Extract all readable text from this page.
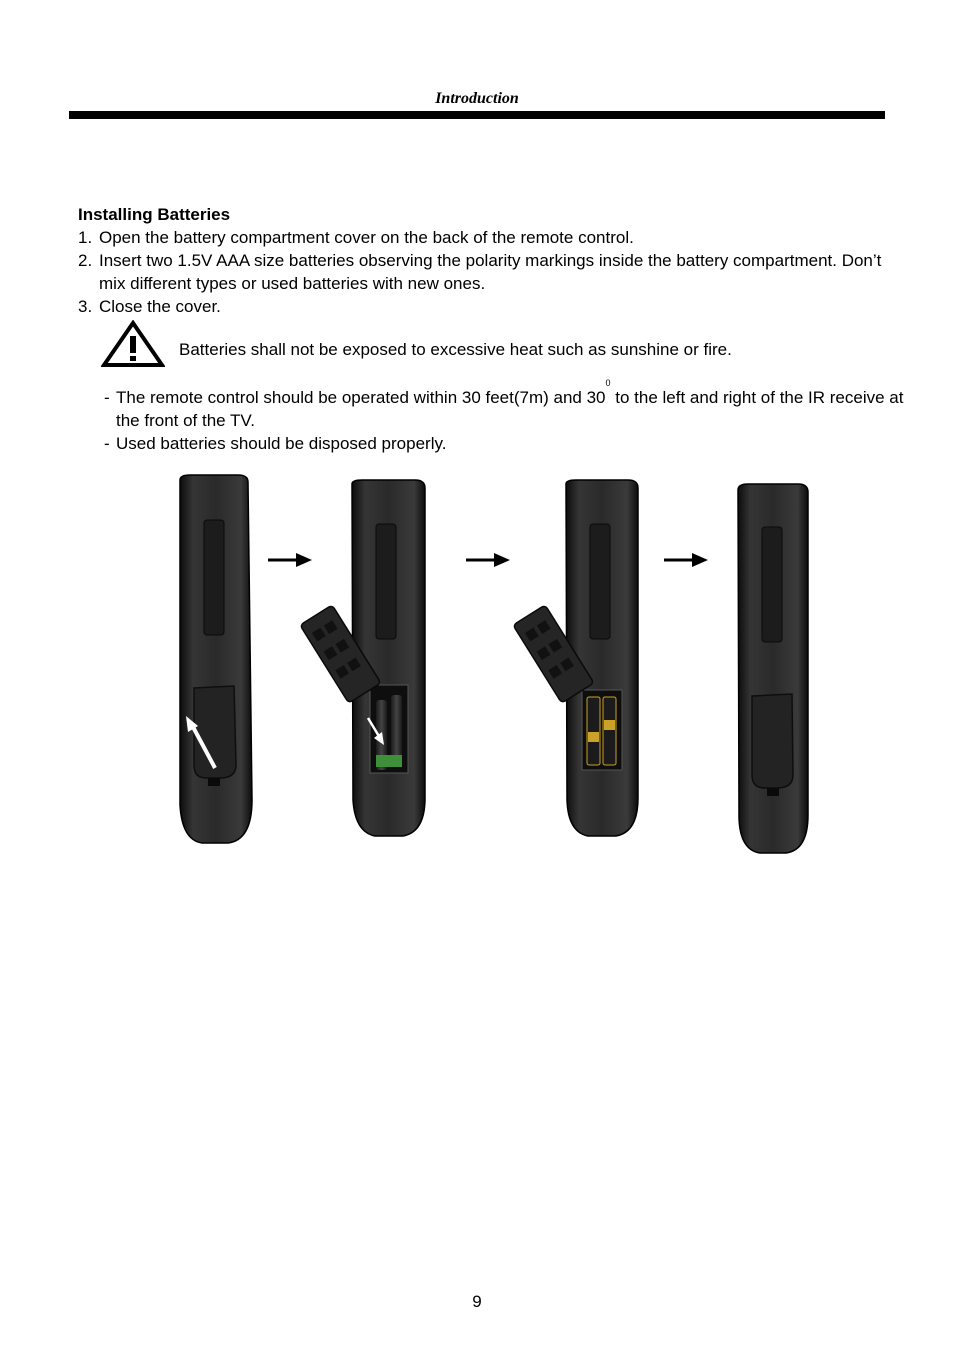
Introduction
Installing Batteries
1. Open the battery compartment cover on the back of the remote control.
2. Insert two 1.5V AAA size batteries observing the polarity markings inside the battery compartment. Don’t mix different types or used batteries with new ones.
3. Close the cover.
Batteries shall not be exposed to excessive heat such as sunshine or fire.
- The remote control should be operated within 30 feet(7m) and $30^0$ to the left and right of the IR receive at the front of the TV.
- Used batteries should be disposed properly.
9
